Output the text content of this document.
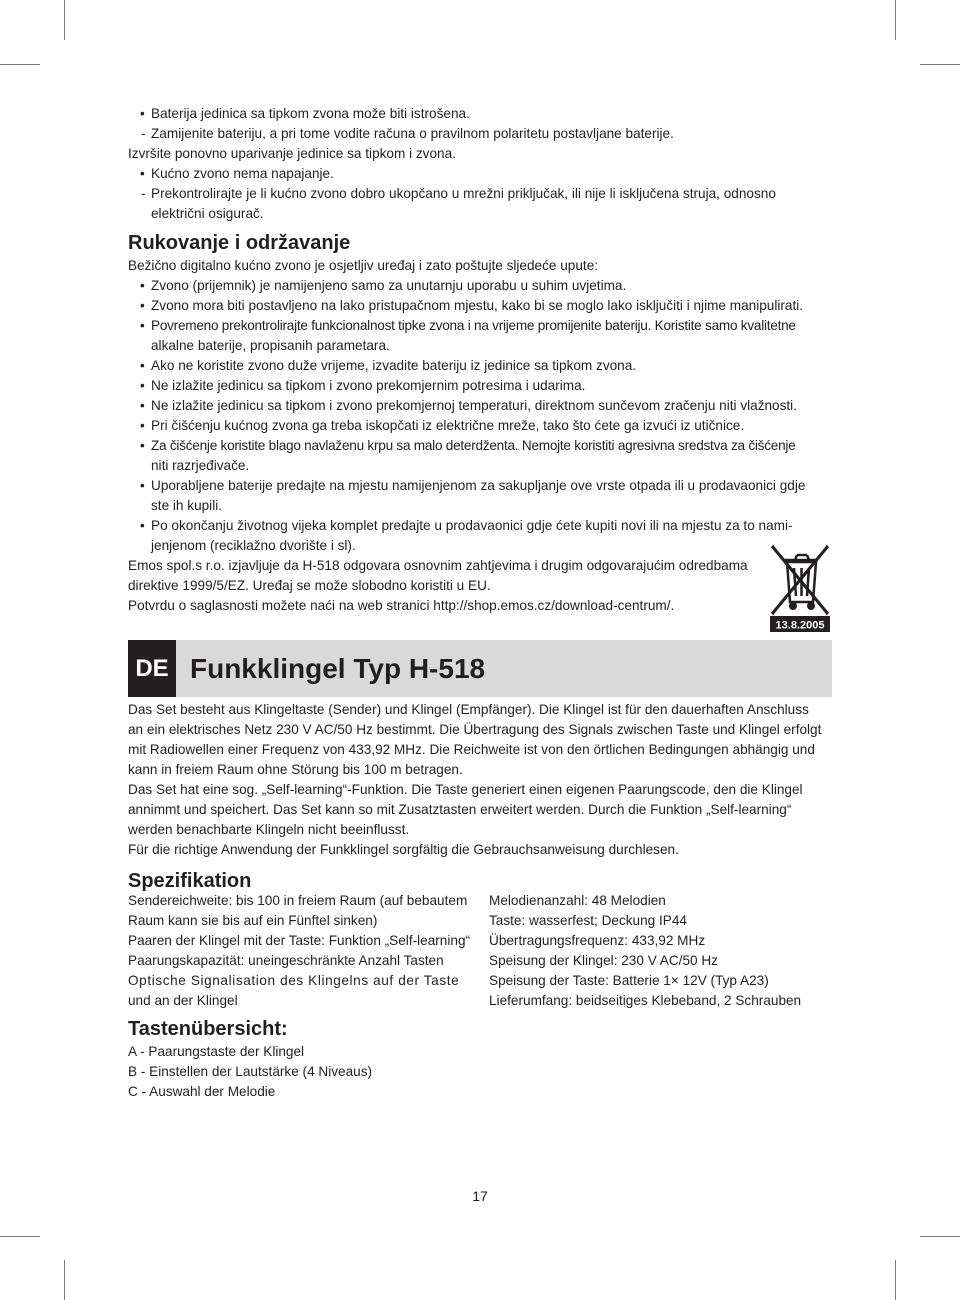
• Baterija jedinica sa tipkom zvona može biti istrošena.
- Zamijenite bateriju, a pri tome vodite računa o pravilnom polaritetu postavljane baterije.
Izvršite ponovno uparivanje jedinice sa tipkom i zvona.
• Kućno zvono nema napajanje.
- Prekontrolirajte je li kućno zvono dobro ukopčano u mrežni priključak, ili nije li isključena struja, odnosno
električni osigurač.
Rukovanje i održavanje
Bežično digitalno kućno zvono je osjetljiv uređaj i zato poštujte sljedeće upute:
• Zvono (prijemnik) je namijenjeno samo za unutarnju uporabu u suhim uvjetima.
• Zvono mora biti postavljeno na lako pristupačnom mjestu, kako bi se moglo lako isključiti i njime manipulirati.
• Povremeno prekontrolirajte funkcionalnost tipke zvona i na vrijeme promijenite bateriju. Koristite samo kvalitetne
alkalne baterije, propisanih parametara.
• Ako ne koristite zvono duže vrijeme, izvadite bateriju iz jedinice sa tipkom zvona.
• Ne izlažite jedinicu sa tipkom i zvono prekomjernim potresima i udarima.
• Ne izlažite jedinicu sa tipkom i zvono prekomjernoj temperaturi, direktnom sunčevom zračenju niti vlažnosti.
• Pri čišćenju kućnog zvona ga treba iskopčati iz električne mreže, tako što ćete ga izvući iz utičnice.
• Za čišćenje koristite blago navlaženu krpu sa malo deterdženta. Nemojte koristiti agresivna sredstva za čišćenje
niti razrjeđivače.
• Uporabljene baterije predajte na mjestu namijenjenom za sakupljanje ove vrste otpada ili u prodavaonici gdje
ste ih kupili.
• Po okončanju životnog vijeka komplet predajte u prodavaonici gdje ćete kupiti novi ili na mjestu za to nami-
jenjenom (reciklažno dvorište i sl).
Emos spol.s r.o. izjavljuje da H-518 odgovara osnovnim zahtjevima i drugim odgovarajućim odredbama
direktive 1999/5/EZ. Uređaj se može slobodno koristiti u EU.
Potvrdu o saglasnosti možete naći na web stranici http://shop.emos.cz/download-centrum/.
13.8.2005
DE Funkklingel Typ H-518
Das Set besteht aus Klingeltaste (Sender) und Klingel (Empfänger). Die Klingel ist für den dauerhaften Anschluss
an ein elektrisches Netz 230 V AC/50 Hz bestimmt. Die Übertragung des Signals zwischen Taste und Klingel erfolgt
mit Radiowellen einer Frequenz von 433,92 MHz. Die Reichweite ist von den örtlichen Bedingungen abhängig und
kann in freiem Raum ohne Störung bis 100 m betragen.
Das Set hat eine sog. „Self-learning“-Funktion. Die Taste generiert einen eigenen Paarungscode, den die Klingel
annimmt und speichert. Das Set kann so mit Zusatztasten erweitert werden. Durch die Funktion „Self-learning“
werden benachbarte Klingeln nicht beeinflusst.
Für die richtige Anwendung der Funkklingel sorgfältig die Gebrauchsanweisung durchlesen.
Spezifikation
Sendereichweite: bis 100 in freiem Raum (auf bebautem
Raum kann sie bis auf ein Fünftel sinken)
Paaren der Klingel mit der Taste: Funktion „Self-learning“
Paarungskapazität: uneingeschränkte Anzahl Tasten
Optische Signalisation des Klingelns auf der Taste
und an der Klingel
Melodienanzahl: 48 Melodien
Taste: wasserfest; Deckung IP44
Übertragungsfrequenz: 433,92 MHz
Speisung der Klingel: 230 V AC/50 Hz
Speisung der Taste: Batterie 1× 12V (Typ A23)
Lieferumfang: beidseitiges Klebeband, 2 Schrauben
Tastenübersicht:
A - Paarungstaste der Klingel
B - Einstellen der Lautstärke (4 Niveaus)
C - Auswahl der Melodie
17
